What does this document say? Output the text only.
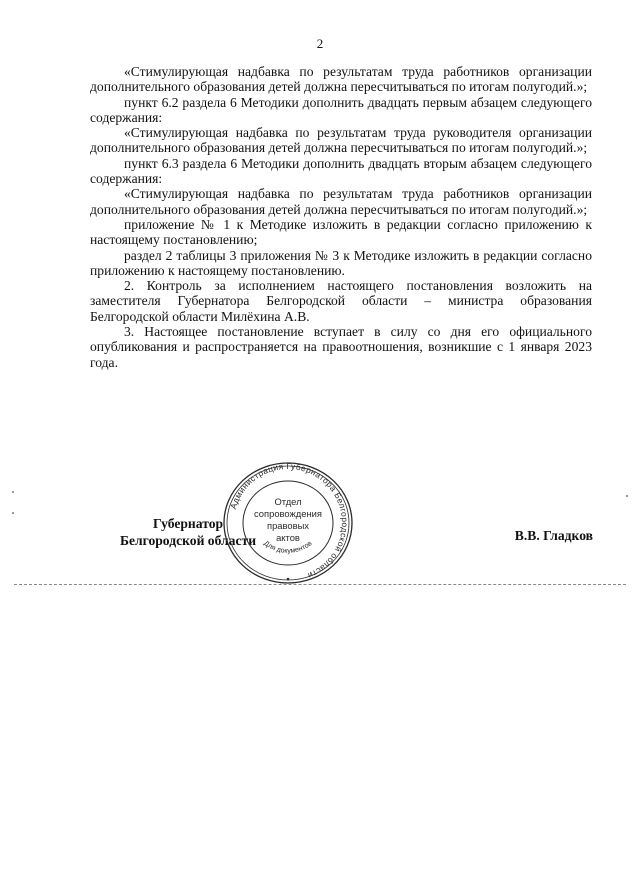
2

«Стимулирующая надбавка по результатам труда работников организации дополнительного образования детей должна пересчитываться по итогам полугодий.»;

пункт 6.2 раздела 6 Методики дополнить двадцать первым абзацем следующего содержания:

«Стимулирующая надбавка по результатам труда руководителя организации дополнительного образования детей должна пересчитываться по итогам полугодий.»;

пункт 6.3 раздела 6 Методики дополнить двадцать вторым абзацем следующего содержания:

«Стимулирующая надбавка по результатам труда работников организации дополнительного образования детей должна пересчитываться по итогам полугодий.»;

приложение № 1 к Методике изложить в редакции согласно приложению к настоящему постановлению;

раздел 2 таблицы 3 приложения № 3 к Методике изложить в редакции согласно приложению к настоящему постановлению.

2. Контроль за исполнением настоящего постановления возложить на заместителя Губернатора Белгородской области – министра образования Белгородской области Милёхина А.В.

3. Настоящее постановление вступает в силу со дня его официального опубликования и распространяется на правоотношения, возникшие с 1 января 2023 года.

Губернатор
Белгородской области	В.В. Гладков
Администрация Губернатора Белгородской области
Для документов
Отдел
сопровождения
правовых
актов
